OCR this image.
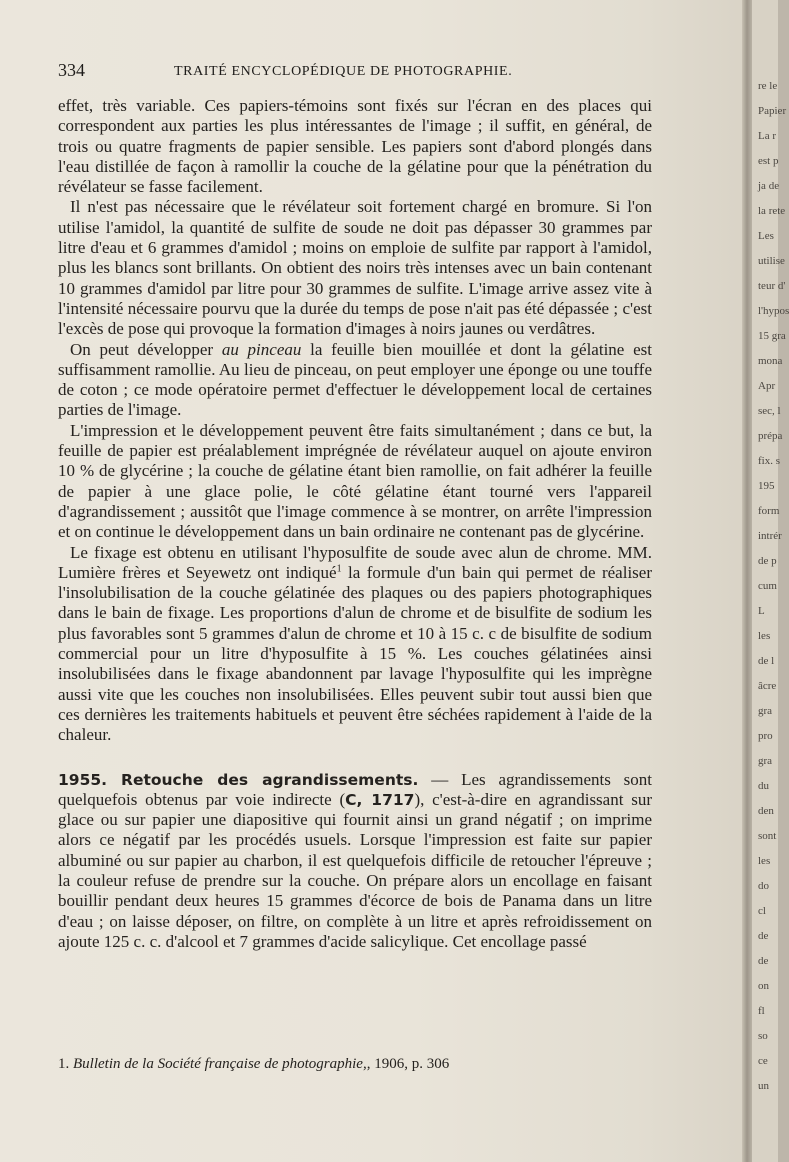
334	TRAITÉ ENCYCLOPÉDIQUE DE PHOTOGRAPHIE.

effet, très variable. Ces papiers-témoins sont fixés sur l'écran en des places qui correspondent aux parties les plus intéressantes de l'image ; il suffit, en général, de trois ou quatre fragments de papier sensible. Les papiers sont d'abord plongés dans l'eau distillée de façon à ramollir la couche de la gélatine pour que la pénétration du révélateur se fasse facilement.

Il n'est pas nécessaire que le révélateur soit fortement chargé en bromure. Si l'on utilise l'amidol, la quantité de sulfite de soude ne doit pas dépasser 30 grammes par litre d'eau et 6 grammes d'amidol ; moins on emploie de sulfite par rapport à l'amidol, plus les blancs sont brillants. On obtient des noirs très intenses avec un bain contenant 10 grammes d'amidol par litre pour 30 grammes de sulfite. L'image arrive assez vite à l'intensité nécessaire pourvu que la durée du temps de pose n'ait pas été dépassée ; c'est l'excès de pose qui provoque la formation d'images à noirs jaunes ou verdâtres.

On peut développer au pinceau la feuille bien mouillée et dont la gélatine est suffisamment ramollie. Au lieu de pinceau, on peut employer une éponge ou une touffe de coton ; ce mode opératoire permet d'effectuer le développement local de certaines parties de l'image.

L'impression et le développement peuvent être faits simultanément ; dans ce but, la feuille de papier est préalablement imprégnée de révélateur auquel on ajoute environ 10 % de glycérine ; la couche de gélatine étant bien ramollie, on fait adhérer la feuille de papier à une glace polie, le côté gélatine étant tourné vers l'appareil d'agrandissement ; aussitôt que l'image commence à se montrer, on arrête l'impression et on continue le développement dans un bain ordinaire ne contenant pas de glycérine.

Le fixage est obtenu en utilisant l'hyposulfite de soude avec alun de chrome. MM. Lumière frères et Seyewetz ont indiqué$^1$ la formule d'un bain qui permet de réaliser l'insolubilisation de la couche gélatinée des plaques ou des papiers photographiques dans le bain de fixage. Les proportions d'alun de chrome et de bisulfite de sodium les plus favorables sont 5 grammes d'alun de chrome et 10 à 15 c. c de bisulfite de sodium commercial pour un litre d'hyposulfite à 15 %. Les couches gélatinées ainsi insolubilisées dans le fixage abandonnent par lavage l'hyposulfite qui les imprègne aussi vite que les couches non insolubilisées. Elles peuvent subir tout aussi bien que ces dernières les traitements habituels et peuvent être séchées rapidement à l'aide de la chaleur.

1955. Retouche des agrandissements. — Les agrandissements sont quelquefois obtenus par voie indirecte (C, 1717), c'est-à-dire en agrandissant sur glace ou sur papier une diapositive qui fournit ainsi un grand négatif ; on imprime alors ce négatif par les procédés usuels. Lorsque l'impression est faite sur papier albuminé ou sur papier au charbon, il est quelquefois difficile de retoucher l'épreuve ; la couleur refuse de prendre sur la couche. On prépare alors un encollage en faisant bouillir pendant deux heures 15 grammes d'écorce de bois de Panama dans un litre d'eau ; on laisse déposer, on filtre, on complète à un litre et après refroidissement on ajoute 125 c. c. d'alcool et 7 grammes d'acide salicylique. Cet encollage passé

1. Bulletin de la Société française de photographie,, 1906, p. 306
re le
Papier
La r
est p
ja de
la rete
Les
utilise
teur d'
l'hypos
15 gra
mona
Apr
sec, l
prépa
fix. s
195
form
intrér
de p
cum
L
les
de l
âcre
gra
pro
gra
du
den
sont
les
do
cl
de
de
on
fl
so
ce
un
